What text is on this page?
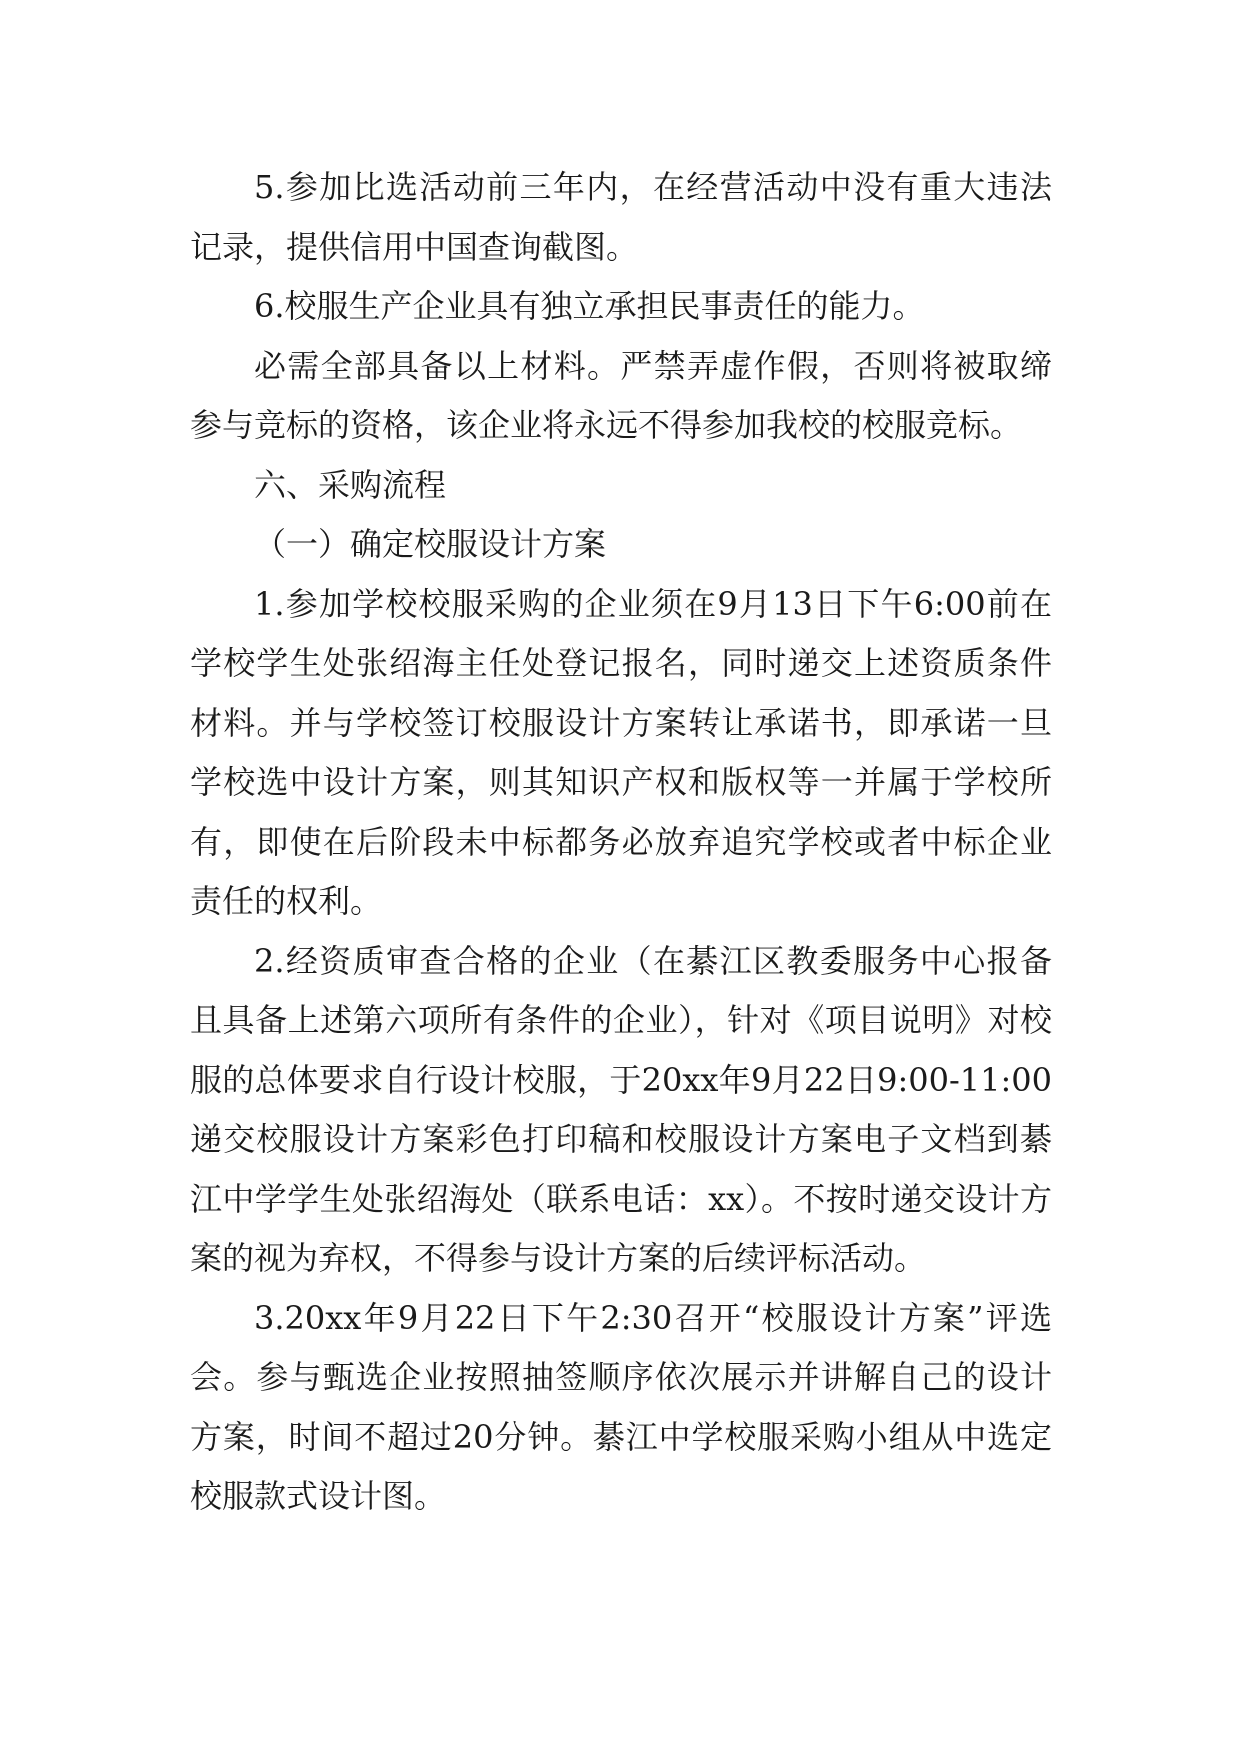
5.参加比选活动前三年内，在经营活动中没有重大违法记录，提供信用中国查询截图。

6.校服生产企业具有独立承担民事责任的能力。

必需全部具备以上材料。严禁弄虚作假，否则将被取缔参与竞标的资格，该企业将永远不得参加我校的校服竞标。

六、采购流程

（一）确定校服设计方案

1.参加学校校服采购的企业须在9月13日下午6:00前在学校学生处张绍海主任处登记报名，同时递交上述资质条件材料。并与学校签订校服设计方案转让承诺书，即承诺一旦学校选中设计方案，则其知识产权和版权等一并属于学校所有，即使在后阶段未中标都务必放弃追究学校或者中标企业责任的权利。

2.经资质审查合格的企业（在綦江区教委服务中心报备且具备上述第六项所有条件的企业），针对《项目说明》对校服的总体要求自行设计校服，于20xx年9月22日9:00-11:00递交校服设计方案彩色打印稿和校服设计方案电子文档到綦江中学学生处张绍海处（联系电话：xx）。不按时递交设计方案的视为弃权，不得参与设计方案的后续评标活动。

3.20xx年9月22日下午2:30召开“校服设计方案”评选会。参与甄选企业按照抽签顺序依次展示并讲解自己的设计方案，时间不超过20分钟。綦江中学校服采购小组从中选定校服款式设计图。
